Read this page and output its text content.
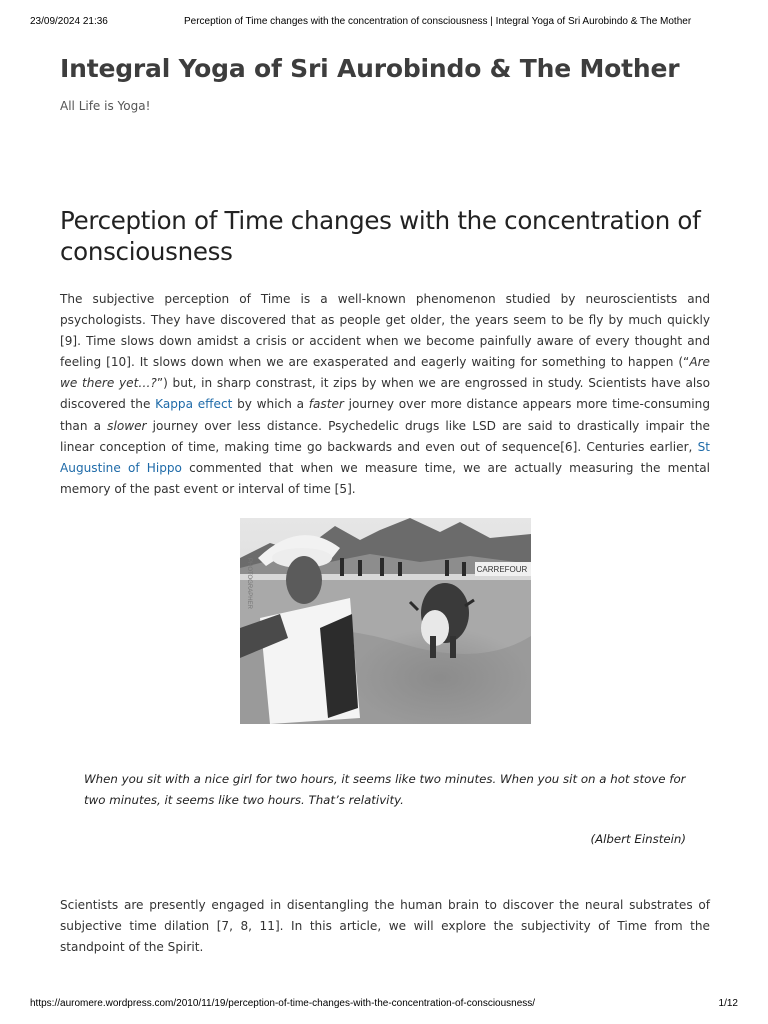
23/09/2024 21:36	Perception of Time changes with the concentration of consciousness | Integral Yoga of Sri Aurobindo & The Mother
Integral Yoga of Sri Aurobindo & The Mother

All Life is Yoga!

Perception of Time changes with the concentration of consciousness

The subjective perception of Time is a well-known phenomenon studied by neuroscientists and psychologists. They have discovered that as people get older, the years seem to be fly by much quickly [9]. Time slows down amidst a crisis or accident when we become painfully aware of every thought and feeling [10]. It slows down when we are exasperated and eagerly waiting for something to happen (“Are we there yet…?”) but, in sharp constrast, it zips by when we are engrossed in study. Scientists have also discovered the Kappa effect by which a faster journey over more distance appears more time-consuming than a slower journey over less distance. Psychedelic drugs like LSD are said to drastically impair the linear conception of time, making time go backwards and even out of sequence[6]. Centuries earlier, St Augustine of Hippo commented that when we measure time, we are actually measuring the mental memory of the past event or interval of time [5].

CARREFOUR
PHOTOGRAPHER

When you sit with a nice girl for two hours, it seems like two minutes. When you sit on a hot stove for two minutes, it seems like two hours. That’s relativity.

(Albert Einstein)

Scientists are presently engaged in disentangling the human brain to discover the neural substrates of subjective time dilation [7, 8, 11]. In this article, we will explore the subjectivity of Time from the standpoint of the Spirit.

https://auromere.wordpress.com/2010/11/19/perception-of-time-changes-with-the-concentration-of-consciousness/	1/12
